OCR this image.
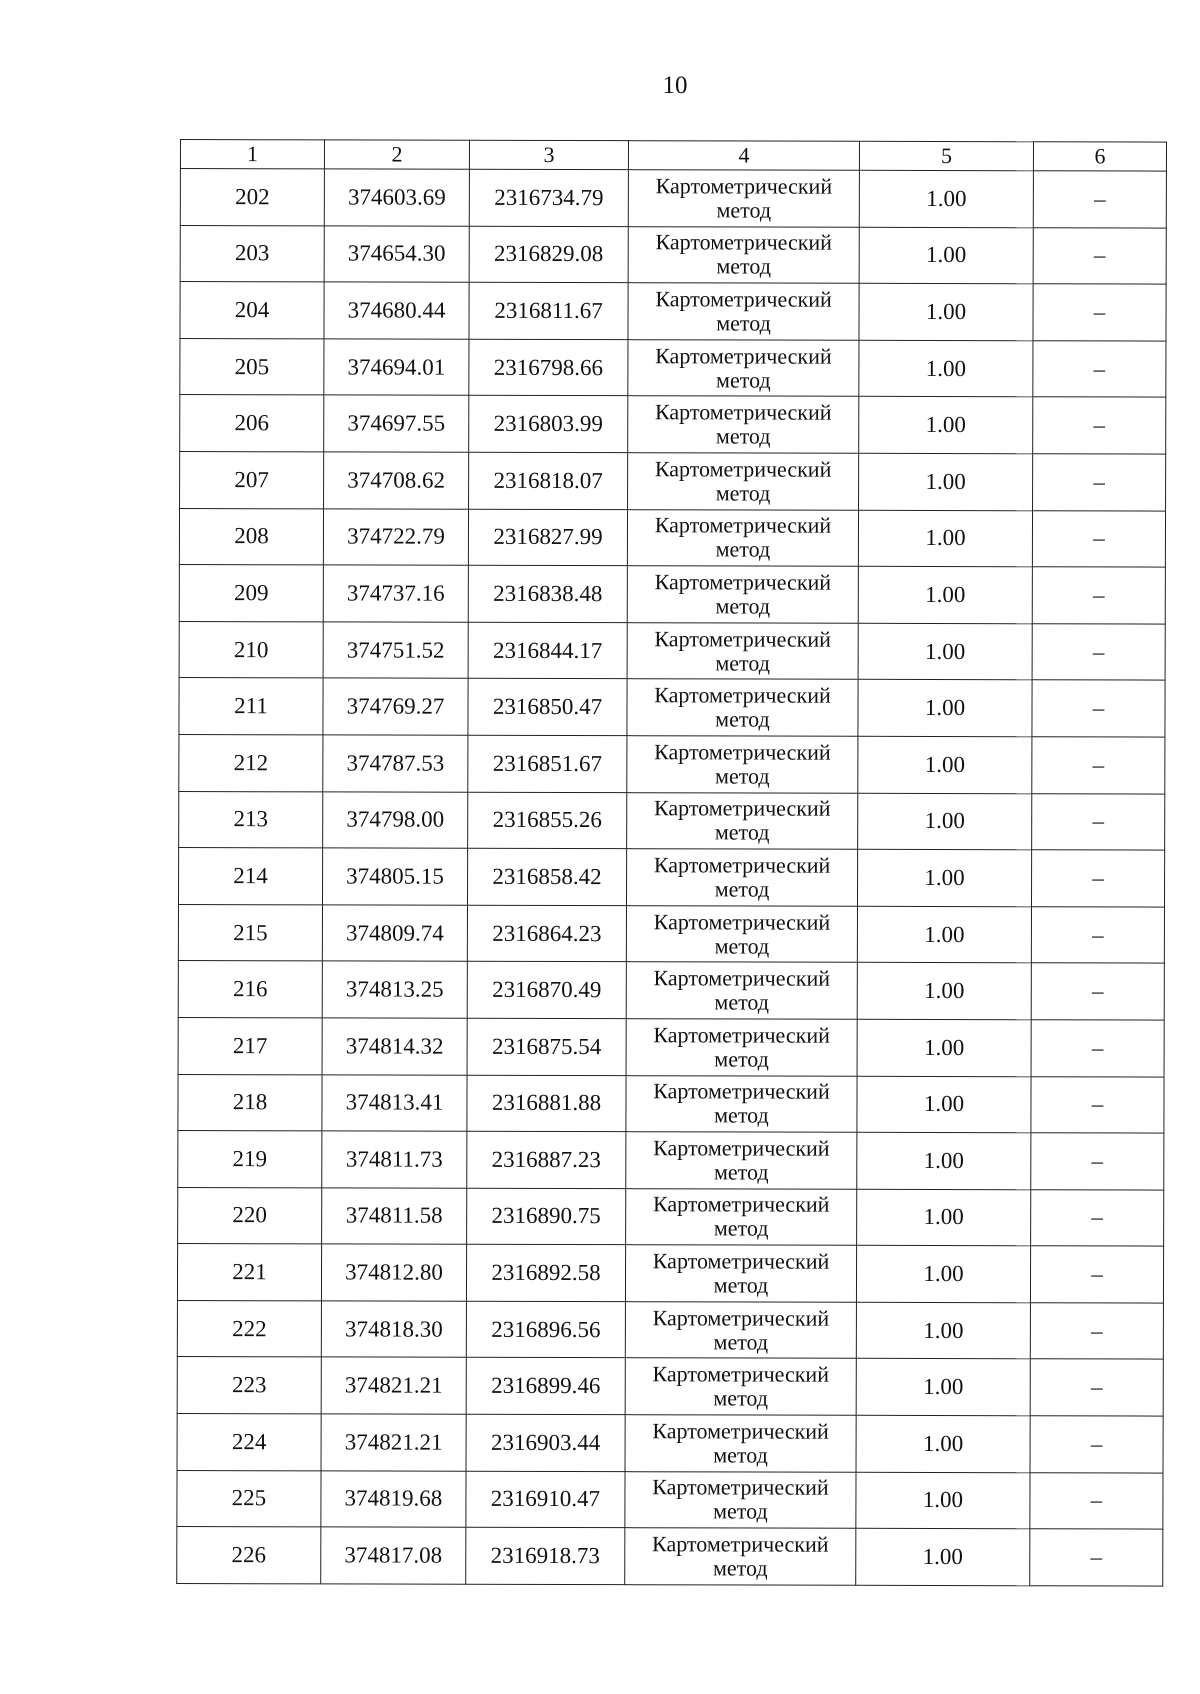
10
1	2	3	4	5	6
202	374603.69	2316734.79	Картометрический
метод	1.00	–
203	374654.30	2316829.08	Картометрический
метод	1.00	–
204	374680.44	2316811.67	Картометрический
метод	1.00	–
205	374694.01	2316798.66	Картометрический
метод	1.00	–
206	374697.55	2316803.99	Картометрический
метод	1.00	–
207	374708.62	2316818.07	Картометрический
метод	1.00	–
208	374722.79	2316827.99	Картометрический
метод	1.00	–
209	374737.16	2316838.48	Картометрический
метод	1.00	–
210	374751.52	2316844.17	Картометрический
метод	1.00	–
211	374769.27	2316850.47	Картометрический
метод	1.00	–
212	374787.53	2316851.67	Картометрический
метод	1.00	–
213	374798.00	2316855.26	Картометрический
метод	1.00	–
214	374805.15	2316858.42	Картометрический
метод	1.00	–
215	374809.74	2316864.23	Картометрический
метод	1.00	–
216	374813.25	2316870.49	Картометрический
метод	1.00	–
217	374814.32	2316875.54	Картометрический
метод	1.00	–
218	374813.41	2316881.88	Картометрический
метод	1.00	–
219	374811.73	2316887.23	Картометрический
метод	1.00	–
220	374811.58	2316890.75	Картометрический
метод	1.00	–
221	374812.80	2316892.58	Картометрический
метод	1.00	–
222	374818.30	2316896.56	Картометрический
метод	1.00	–
223	374821.21	2316899.46	Картометрический
метод	1.00	–
224	374821.21	2316903.44	Картометрический
метод	1.00	–
225	374819.68	2316910.47	Картометрический
метод	1.00	–
226	374817.08	2316918.73	Картометрический
метод	1.00	–
